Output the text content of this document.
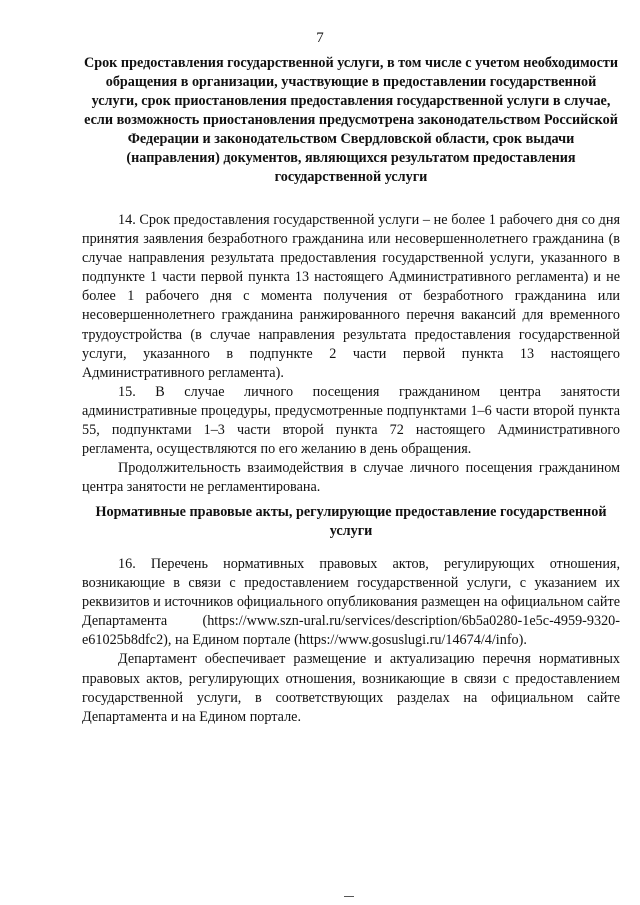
7
Срок предоставления государственной услуги, в том числе с учетом необходимости обращения в организации, участвующие в предоставлении государственной услуги, срок приостановления предоставления государственной услуги в случае, если возможность приостановления предусмотрена законодательством Российской Федерации и законодательством Свердловской области, срок выдачи (направления) документов, являющихся результатом предоставления государственной услуги

14. Срок предоставления государственной услуги – не более 1 рабочего дня со дня принятия заявления безработного гражданина или несовершеннолетнего гражданина (в случае направления результата предоставления государственной услуги, указанного в подпункте 1 части первой пункта 13 настоящего Административного регламента) и не более 1 рабочего дня с момента получения от безработного гражданина или несовершеннолетнего гражданина ранжированного перечня вакансий для временного трудоустройства (в случае направления результата предоставления государственной услуги, указанного в подпункте 2 части первой пункта 13 настоящего Административного регламента).

15. В случае личного посещения гражданином центра занятости административные процедуры, предусмотренные подпунктами 1–6 части второй пункта 55, подпунктами 1–3 части второй пункта 72 настоящего Административного регламента, осуществляются по его желанию в день обращения.

Продолжительность взаимодействия в случае личного посещения гражданином центра занятости не регламентирована.

Нормативные правовые акты, регулирующие предоставление государственной услуги

16. Перечень нормативных правовых актов, регулирующих отношения, возникающие в связи с предоставлением государственной услуги, с указанием их реквизитов и источников официального опубликования размещен на официальном сайте Департамента (https://www.szn-ural.ru/services/description/6b5a0280-1e5c-4959-9320-e61025b8dfc2), на Едином портале (https://www.gosuslugi.ru/14674/4/info).

Департамент обеспечивает размещение и актуализацию перечня нормативных правовых актов, регулирующих отношения, возникающие в связи с предоставлением государственной услуги, в соответствующих разделах на официальном сайте Департамента и на Едином портале.
